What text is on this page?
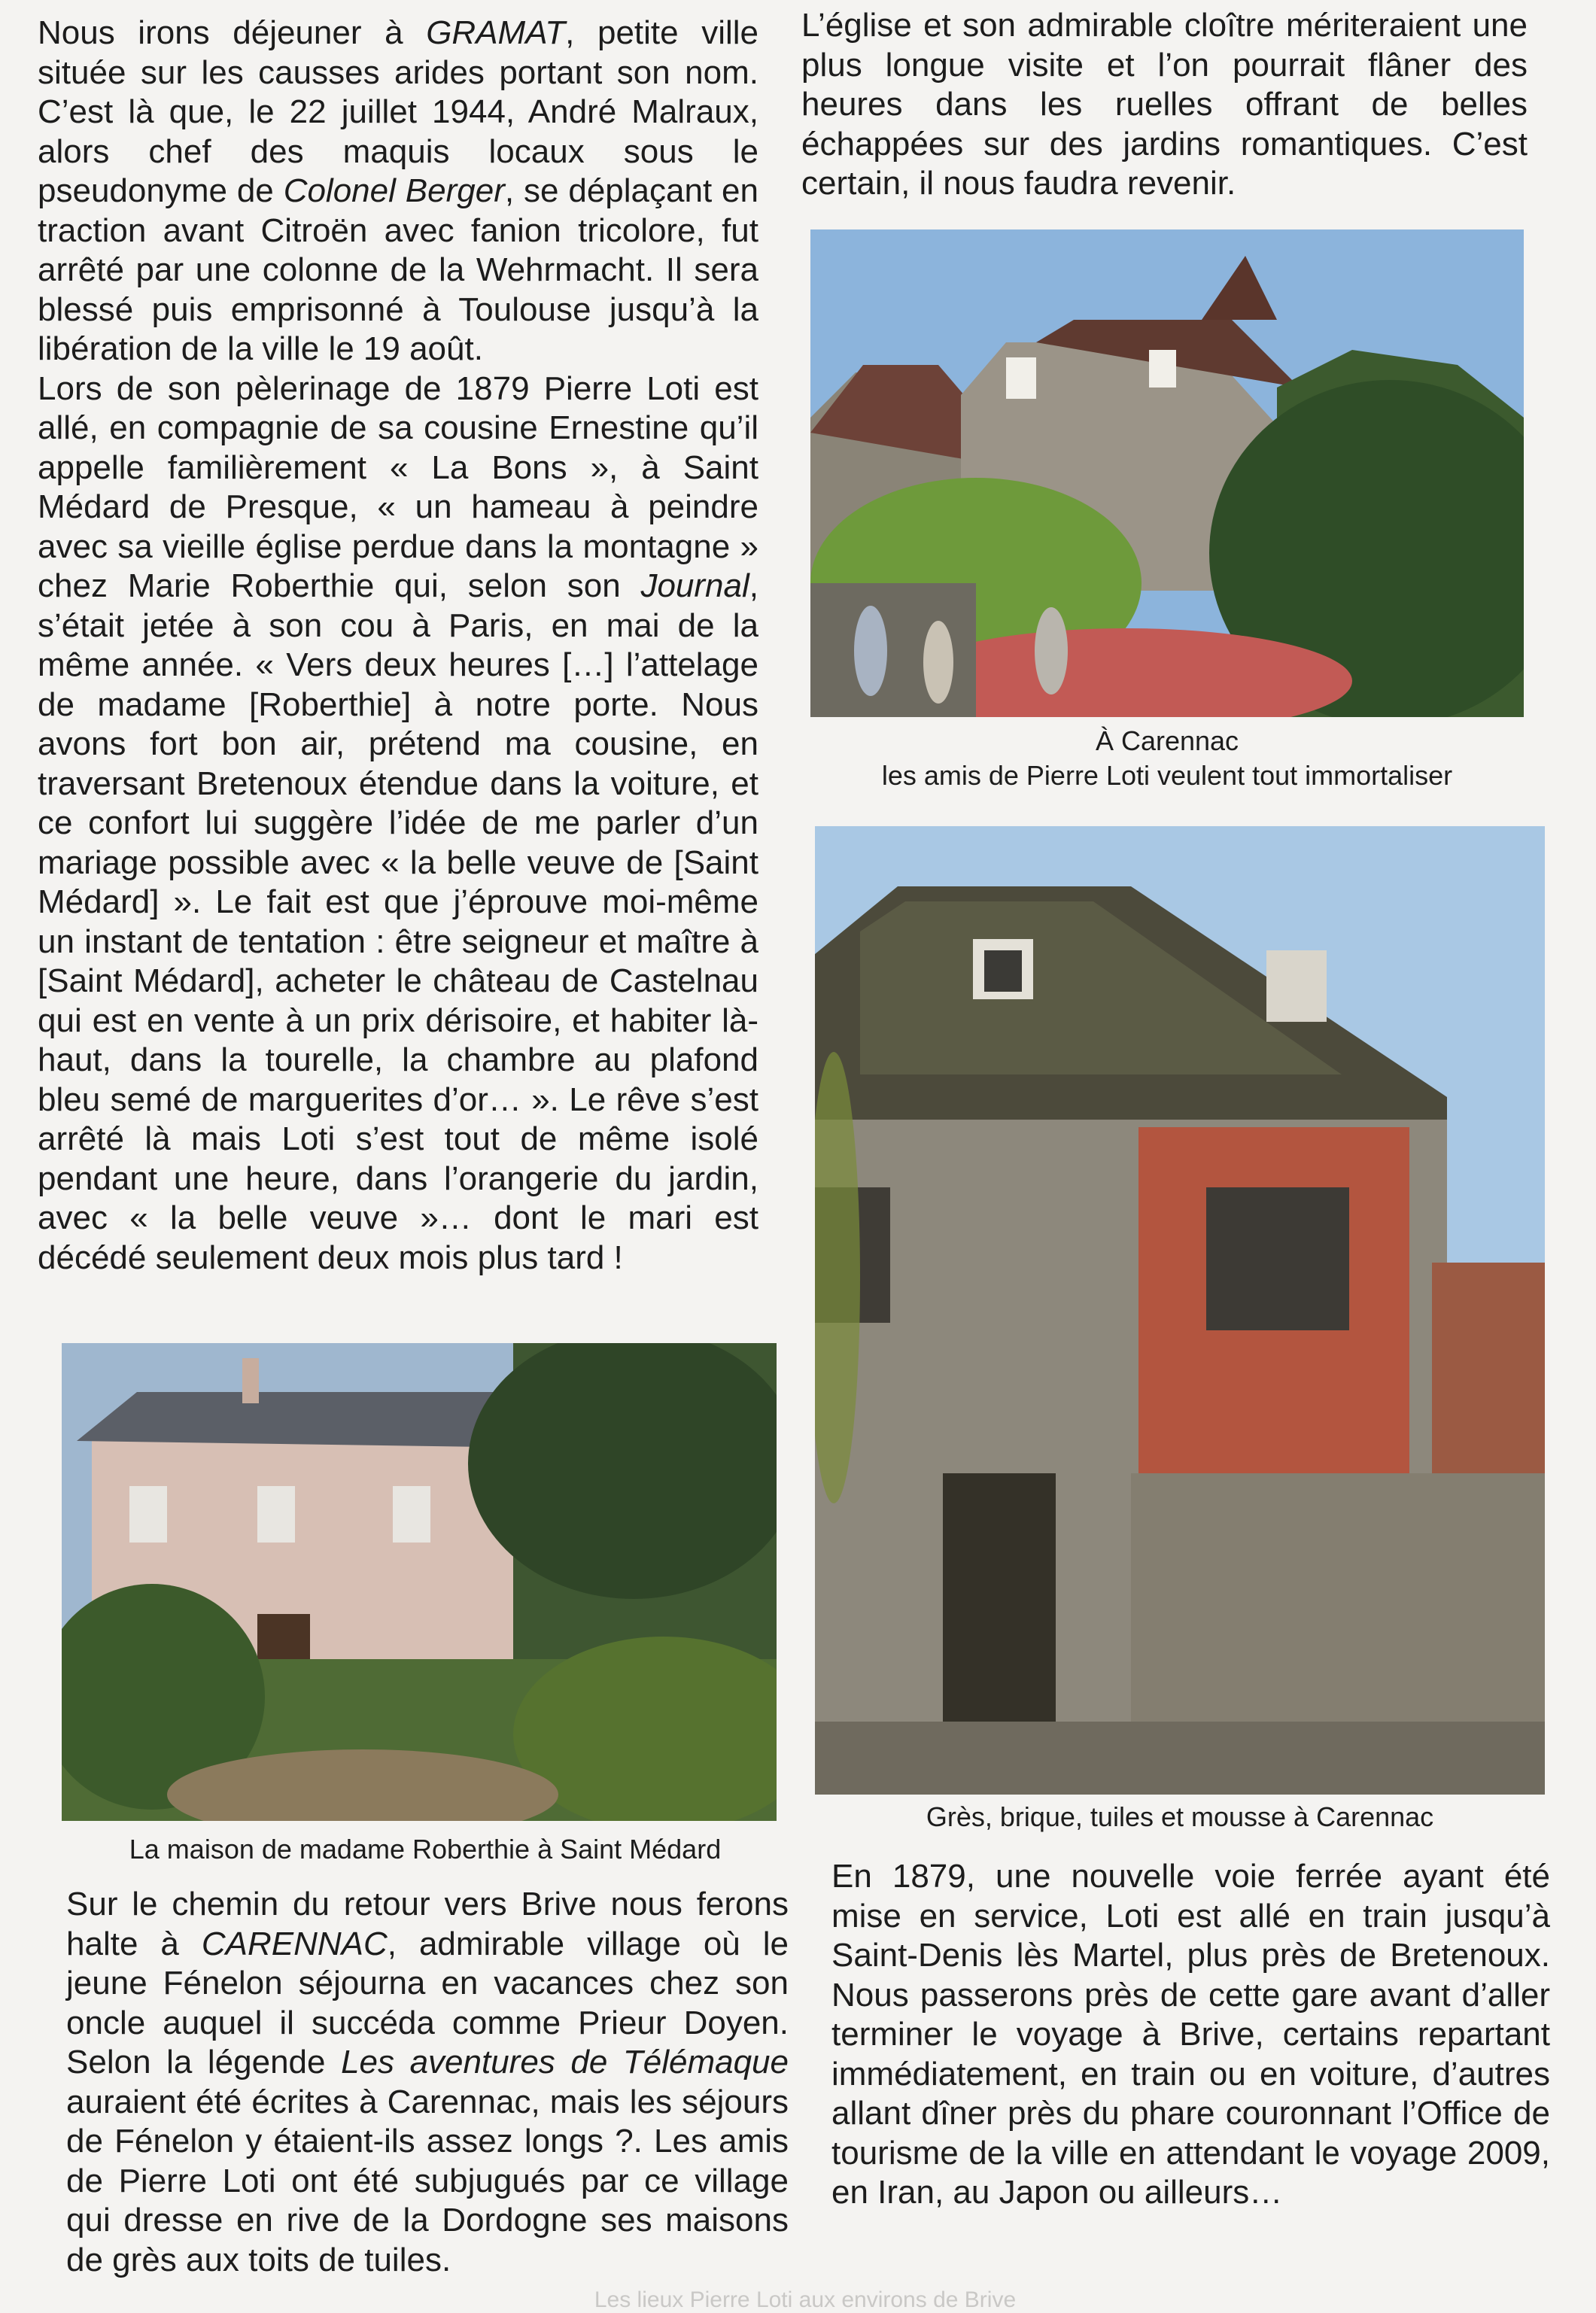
Nous irons déjeuner à GRAMAT, petite ville située sur les causses arides portant son nom. C’est là que, le 22 juillet 1944, André Malraux, alors chef des maquis locaux sous le pseudonyme de Colonel Berger, se déplaçant en traction avant Citroën avec fanion tricolore, fut arrêté par une colonne de la Wehrmacht. Il sera blessé puis emprisonné à Toulouse jusqu’à la libération de la ville le 19 août.

Lors de son pèlerinage de 1879 Pierre Loti est allé, en compagnie de sa cousine Ernestine qu’il appelle familièrement « La Bons », à Saint Médard de Presque, « un hameau à peindre avec sa vieille église perdue dans la montagne » chez Marie Roberthie qui, selon son Journal, s’était jetée à son cou à Paris, en mai de la même année. « Vers deux heures […] l’attelage de madame [Roberthie] à notre porte. Nous avons fort bon air, prétend ma cousine, en traversant Bretenoux étendue dans la voiture, et ce confort lui suggère l’idée de me parler d’un mariage possible avec « la belle veuve de [Saint Médard] ». Le fait est que j’éprouve moi-même un instant de tentation : être seigneur et maître à [Saint Médard], acheter le château de Castelnau qui est en vente à un prix dérisoire, et habiter là-haut, dans la tourelle, la chambre au plafond bleu semé de marguerites d’or… ». Le rêve s’est arrêté là mais Loti s’est tout de même isolé pendant une heure, dans l’orangerie du jardin, avec « la belle veuve »… dont le mari est décédé seulement deux mois plus tard !

La maison de madame Roberthie à Saint Médard

Sur le chemin du retour vers Brive nous ferons halte à CARENNAC, admirable village où le jeune Fénelon séjourna en vacances chez son oncle auquel il succéda comme Prieur Doyen. Selon la légende Les aventures de Télémaque auraient été écrites à Carennac, mais les séjours de Fénelon y étaient-ils assez longs ?. Les amis de Pierre Loti ont été subjugués par ce village qui dresse en rive de la Dordogne ses maisons de grès aux toits de tuiles.

L’église et son admirable cloître mériteraient une plus longue visite et l’on pourrait flâner des heures dans les ruelles offrant de belles échappées sur des jardins romantiques. C’est certain, il nous faudra revenir.

À Carennac

les amis de Pierre Loti veulent tout immortaliser

Grès, brique, tuiles et mousse à Carennac

En 1879, une nouvelle voie ferrée ayant été mise en service, Loti est allé en train jusqu’à Saint-Denis lès Martel, plus près de Bretenoux. Nous passerons près de cette gare avant d’aller terminer le voyage à Brive, certains repartant immédiatement, en train ou en voiture, d’autres allant dîner près du phare couronnant l’Office de tourisme de la ville en attendant le voyage 2009, en Iran, au Japon ou ailleurs…

Les lieux Pierre Loti aux environs de Brive
